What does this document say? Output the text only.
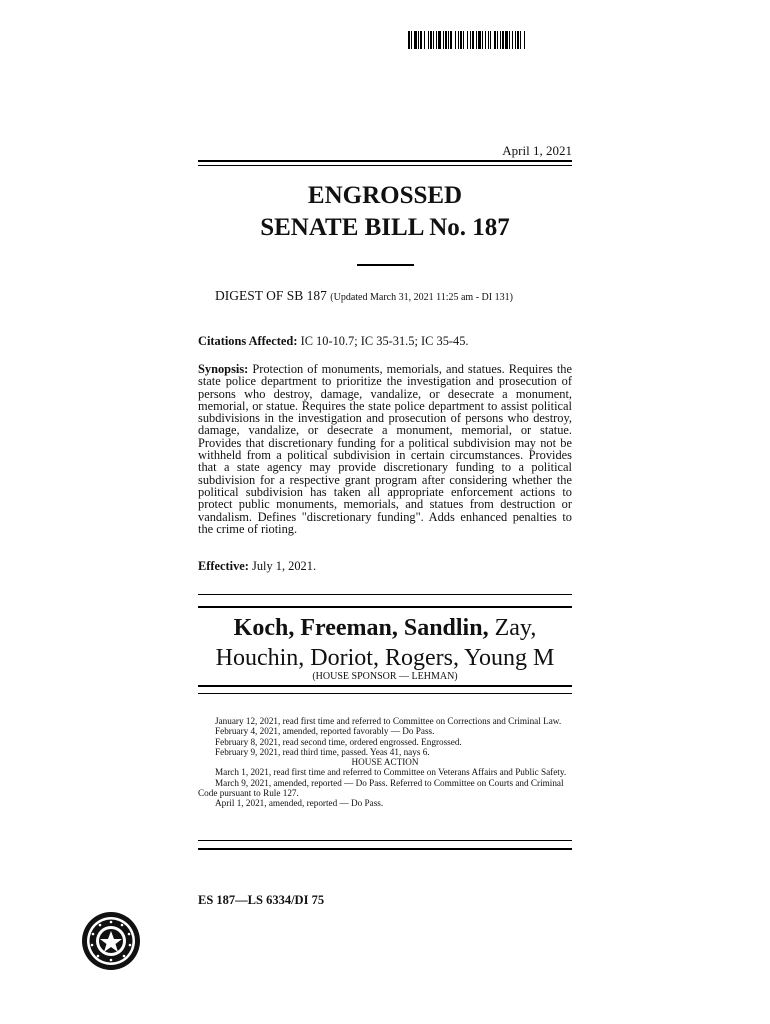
April 1, 2021
ENGROSSED
SENATE BILL No. 187
DIGEST OF SB 187 (Updated March 31, 2021 11:25 am - DI 131)
Citations Affected: IC 10-10.7; IC 35-31.5; IC 35-45.
Synopsis: Protection of monuments, memorials, and statues. Requires the state police department to prioritize the investigation and prosecution of persons who destroy, damage, vandalize, or desecrate a monument, memorial, or statue. Requires the state police department to assist political subdivisions in the investigation and prosecution of persons who destroy, damage, vandalize, or desecrate a monument, memorial, or statue. Provides that discretionary funding for a political subdivision may not be withheld from a political subdivision in certain circumstances. Provides that a state agency may provide discretionary funding to a political subdivision for a respective grant program after considering whether the political subdivision has taken all appropriate enforcement actions to protect public monuments, memorials, and statues from destruction or vandalism. Defines "discretionary funding". Adds enhanced penalties to the crime of rioting.
Effective: July 1, 2021.
Koch, Freeman, Sandlin, Zay,
Houchin, Doriot, Rogers, Young M
(HOUSE SPONSOR — LEHMAN)
January 12, 2021, read first time and referred to Committee on Corrections and Criminal Law.
February 4, 2021, amended, reported favorably — Do Pass.
February 8, 2021, read second time, ordered engrossed. Engrossed.
February 9, 2021, read third time, passed. Yeas 41, nays 6.
HOUSE ACTION
March 1, 2021, read first time and referred to Committee on Veterans Affairs and Public Safety.
March 9, 2021, amended, reported — Do Pass. Referred to Committee on Courts and Criminal Code pursuant to Rule 127.
April 1, 2021, amended, reported — Do Pass.
ES 187—LS 6334/DI 75
